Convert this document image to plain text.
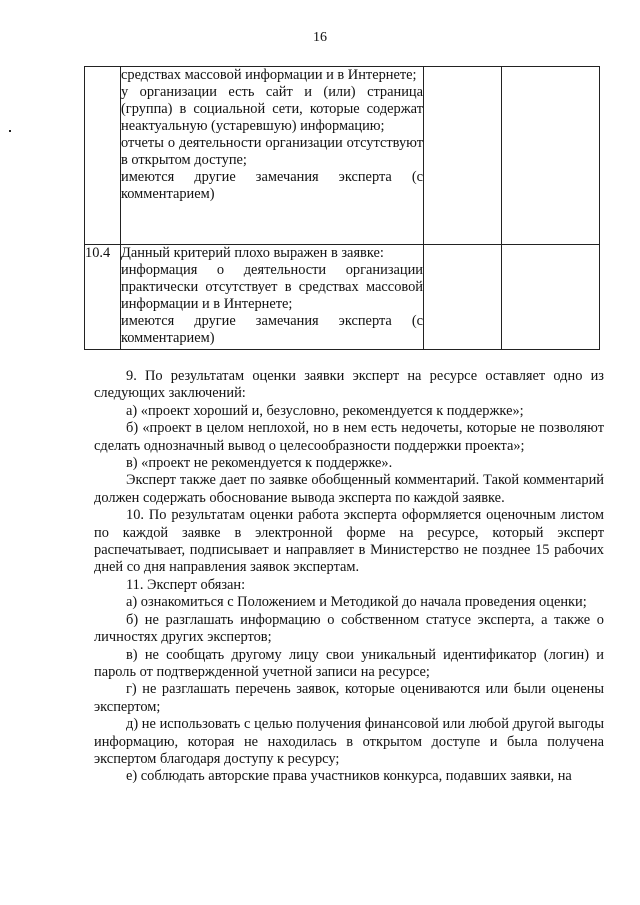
16

	средствах массовой информации и в Интернете;

у организации есть сайт и (или) страница (группа) в социальной сети, которые содержат неактуальную (устаревшую) информацию;

отчеты о деятельности организации отсутствуют в открытом доступе;

имеются другие замечания эксперта (с комментарием)		

10.4	Данный критерий плохо выражен в заявке:

информация о деятельности организации практически отсутствует в средствах массовой информации и в Интернете;

имеются другие замечания эксперта (с комментарием)		

9. По результатам оценки заявки эксперт на ресурсе оставляет одно из следующих заключений:

а) «проект хороший и, безусловно, рекомендуется к поддержке»;

б) «проект в целом неплохой, но в нем есть недочеты, которые не позволяют сделать однозначный вывод о целесообразности поддержки проекта»;

в) «проект не рекомендуется к поддержке».

Эксперт также дает по заявке обобщенный комментарий. Такой комментарий должен содержать обоснование вывода эксперта по каждой заявке.

10. По результатам оценки работа эксперта оформляется оценочным листом по каждой заявке в электронной форме на ресурсе, который эксперт распечатывает, подписывает и направляет в Министерство не позднее 15 рабочих дней со дня направления заявок экспертам.

11. Эксперт обязан:

а) ознакомиться с Положением и Методикой до начала проведения оценки;

б) не разглашать информацию о собственном статусе эксперта, а также о личностях других экспертов;

в) не сообщать другому лицу свои уникальный идентификатор (логин) и пароль от подтвержденной учетной записи на ресурсе;

г) не разглашать перечень заявок, которые оцениваются или были оценены экспертом;

д) не использовать с целью получения финансовой или любой другой выгоды информацию, которая не находилась в открытом доступе и была получена экспертом благодаря доступу к ресурсу;

е) соблюдать авторские права участников конкурса, подавших заявки, на
